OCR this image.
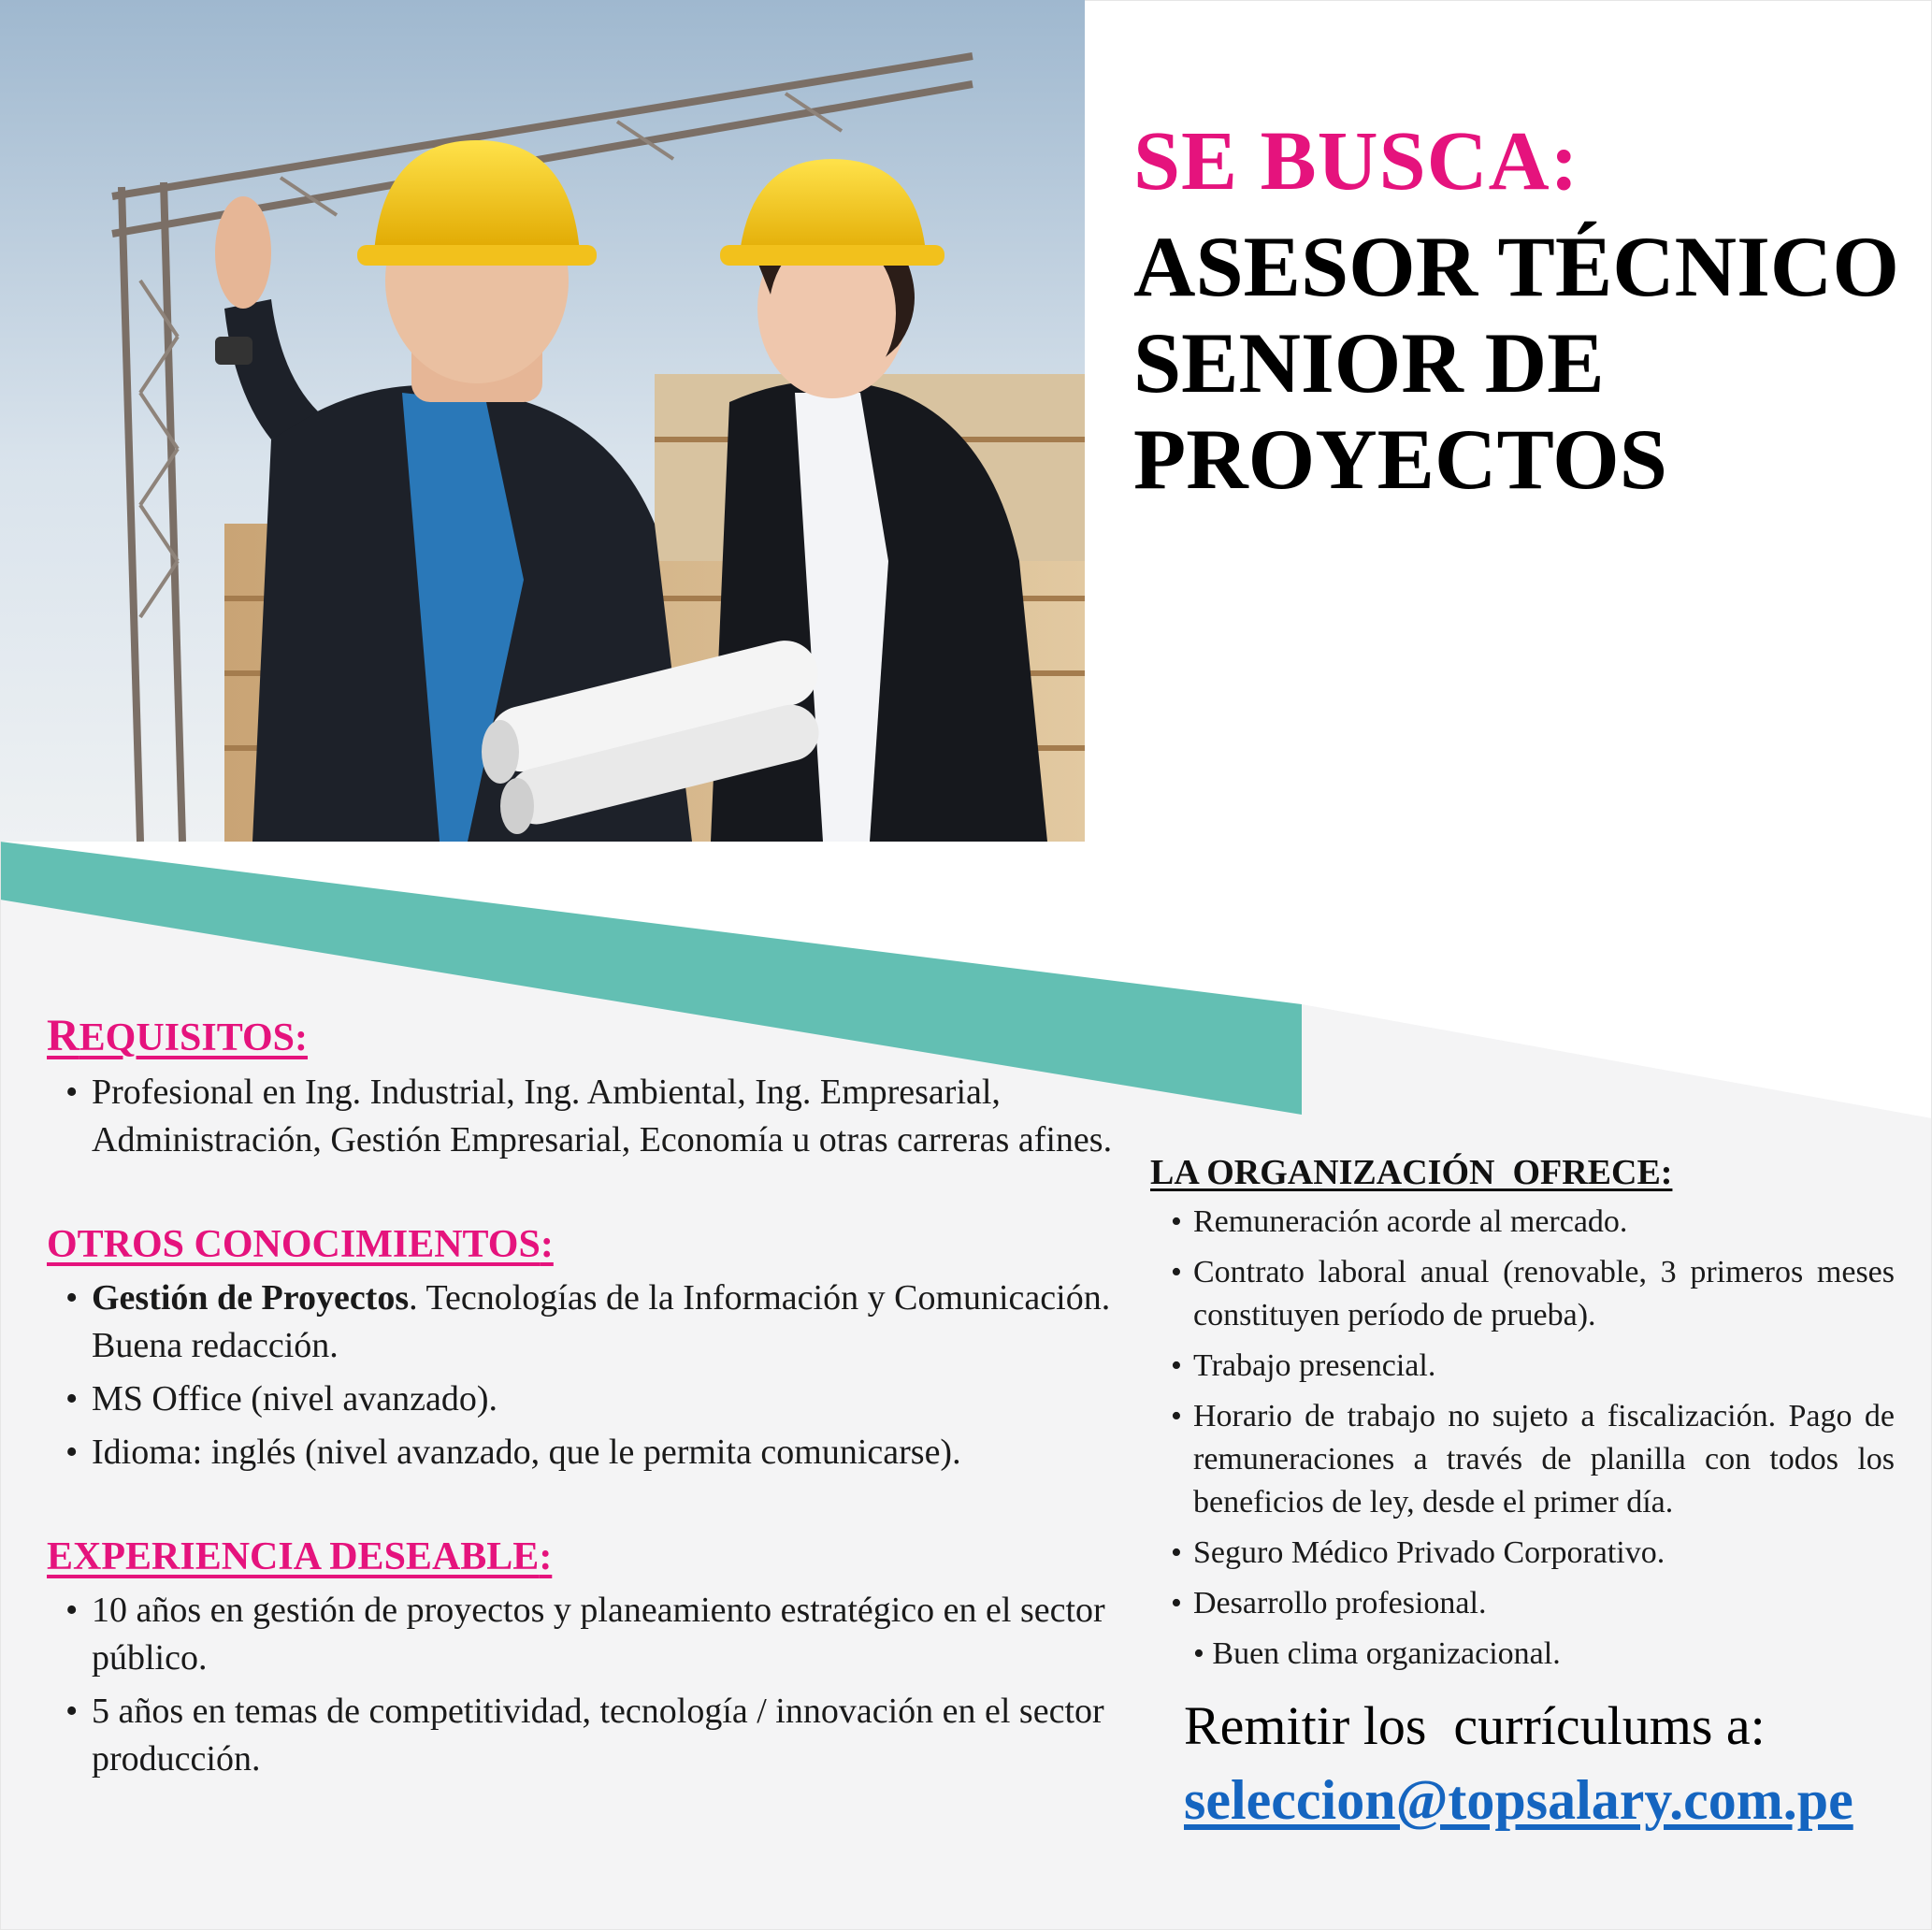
SE BUSCA:
ASESOR TÉCNICO
SENIOR DE
PROYECTOS
REQUISITOS:
• Profesional en Ing. Industrial, Ing. Ambiental, Ing. Empresarial, Administración, Gestión Empresarial, Economía u otras carreras afines.
OTROS CONOCIMIENTOS:
• Gestión de Proyectos. Tecnologías de la Información y Comunicación. Buena redacción.
• MS Office (nivel avanzado).
• Idioma: inglés (nivel avanzado, que le permita comunicarse).
EXPERIENCIA DESEABLE:
• 10 años en gestión de proyectos y planeamiento estratégico en el sector público.
• 5 años en temas de competitividad, tecnología / innovación en el sector producción.
LA ORGANIZACIÓN  OFRECE:
• Remuneración acorde al mercado.
• Contrato laboral anual (renovable, 3 primeros meses constituyen período de prueba).
• Trabajo presencial.
• Horario de trabajo no sujeto a fiscalización. Pago de remuneraciones a través de planilla con todos los beneficios de ley, desde el primer día.
• Seguro Médico Privado Corporativo.
• Desarrollo profesional.
• Buen clima organizacional.
Remitir los  currículums a:
seleccion@topsalary.com.pe
